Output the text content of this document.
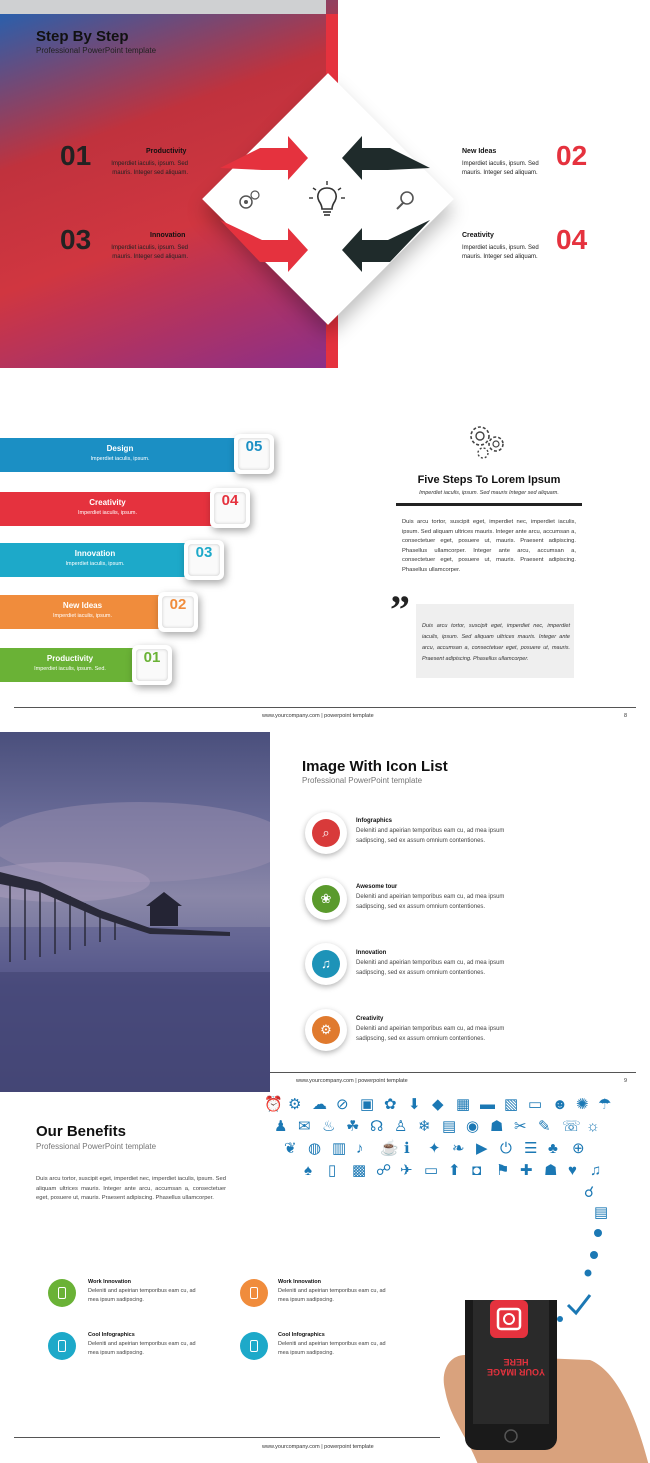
Step By Step
Professional PowerPoint template
01	Productivity
Imperdiet iaculis, ipsum. Sed mauris. Integer sed aliquam.
03	Innovation
Imperdiet iaculis, ipsum. Sed mauris. Integer sed aliquam.
02
New Ideas
Imperdiet iaculis, ipsum. Sed mauris. Integer sed aliquam.
04
Creativity
Imperdiet iaculis, ipsum. Sed mauris. Integer sed aliquam.
Design
Imperdiet iaculis, ipsum.
05
Creativity
Imperdiet iaculis, ipsum.
04
Innovation
Imperdiet iaculis, ipsum.
03
New Ideas
Imperdiet iaculis, ipsum.
02
Productivity
Imperdiet iaculis, ipsum. Sed.
01
Five Steps To Lorem Ipsum
Imperdiet iaculis, ipsum. Sed mauris Integer sed aliquam.
Duis arcu tortor, suscipit eget, imperdiet nec, imperdiet iaculis, ipsum. Sed aliquam ultrices mauris. Integer ante arcu, accumsan a, consectetuer eget, posuere ut, mauris. Praesent adipiscing. Phasellus ullamcorper. Integer ante arcu, accumsan a, consectetuer eget, posuere ut, mauris. Praesent adipiscing. Phasellus ullamcorper.
” Duis arcu tortor, suscipit eget, imperdiet nec, imperdiet iaculis, ipsum. Sed aliquam ultrices mauris. Integer ante arcu, accumsan a, consectetuer eget, posuere ut, mauris. Praesent adipiscing. Phasellus ullamcorper.
www.yourcompany.com | powerpoint template	8
Image With Icon List
Professional PowerPoint template
⌕
Infographics
Deleniti and apeirian temporibus eam cu, ad mea ipsum sadipscing, sed ex assum omnium contentiones.
❀
Awesome tour
Deleniti and apeirian temporibus eam cu, ad mea ipsum sadipscing, sed ex assum omnium contentiones.
♫
Innovation
Deleniti and apeirian temporibus eam cu, ad mea ipsum sadipscing, sed ex assum omnium contentiones.
⚙
Creativity
Deleniti and apeirian temporibus eam cu, ad mea ipsum sadipscing, sed ex assum omnium contentiones.
www.yourcompany.com | powerpoint template	9
Our Benefits
Professional PowerPoint template
Duis arcu tortor, suscipit eget, imperdiet nec, imperdiet iaculis, ipsum. Sed aliquam ultrices mauris. Integer ante arcu, accumsan a, consectetuer eget, posuere ut, mauris. Praesent adipiscing. Phasellus ullamcorper.
Work Innovation
Deleniti and apeirian temporibus eam cu, ad mea ipsum sadipscing.
Work Innovation
Deleniti and apeirian temporibus eam cu, ad mea ipsum sadipscing.
Cool Infographics
Deleniti and apeirian temporibus eam cu, ad mea ipsum sadipscing.
Cool Infographics
Deleniti and apeirian temporibus eam cu, ad mea ipsum sadipscing.
⏰ ⚙ ☁ ⊘ ▣ ✿ ⬇ ◆ ▦ ▬ ▧ ▭ ☻ ✺ ☂
♟ ✉ ♨ ☘ ☊ ♙ ❄ ▤ ◉ ☗ ✂ ✎ ☏ ☼
❦ ◍ ▥ ♪ ☕ ℹ ✦ ❧ ▶ ⏻ ☰ ♣ ⊕
♠ ▯ ▩ ☍ ✈ ▭ ⬆ ◘ ⚑ ✚ ☗ ♥ ♫
☌
▤
YOUR IMAGE HERE
www.yourcompany.com | powerpoint template
